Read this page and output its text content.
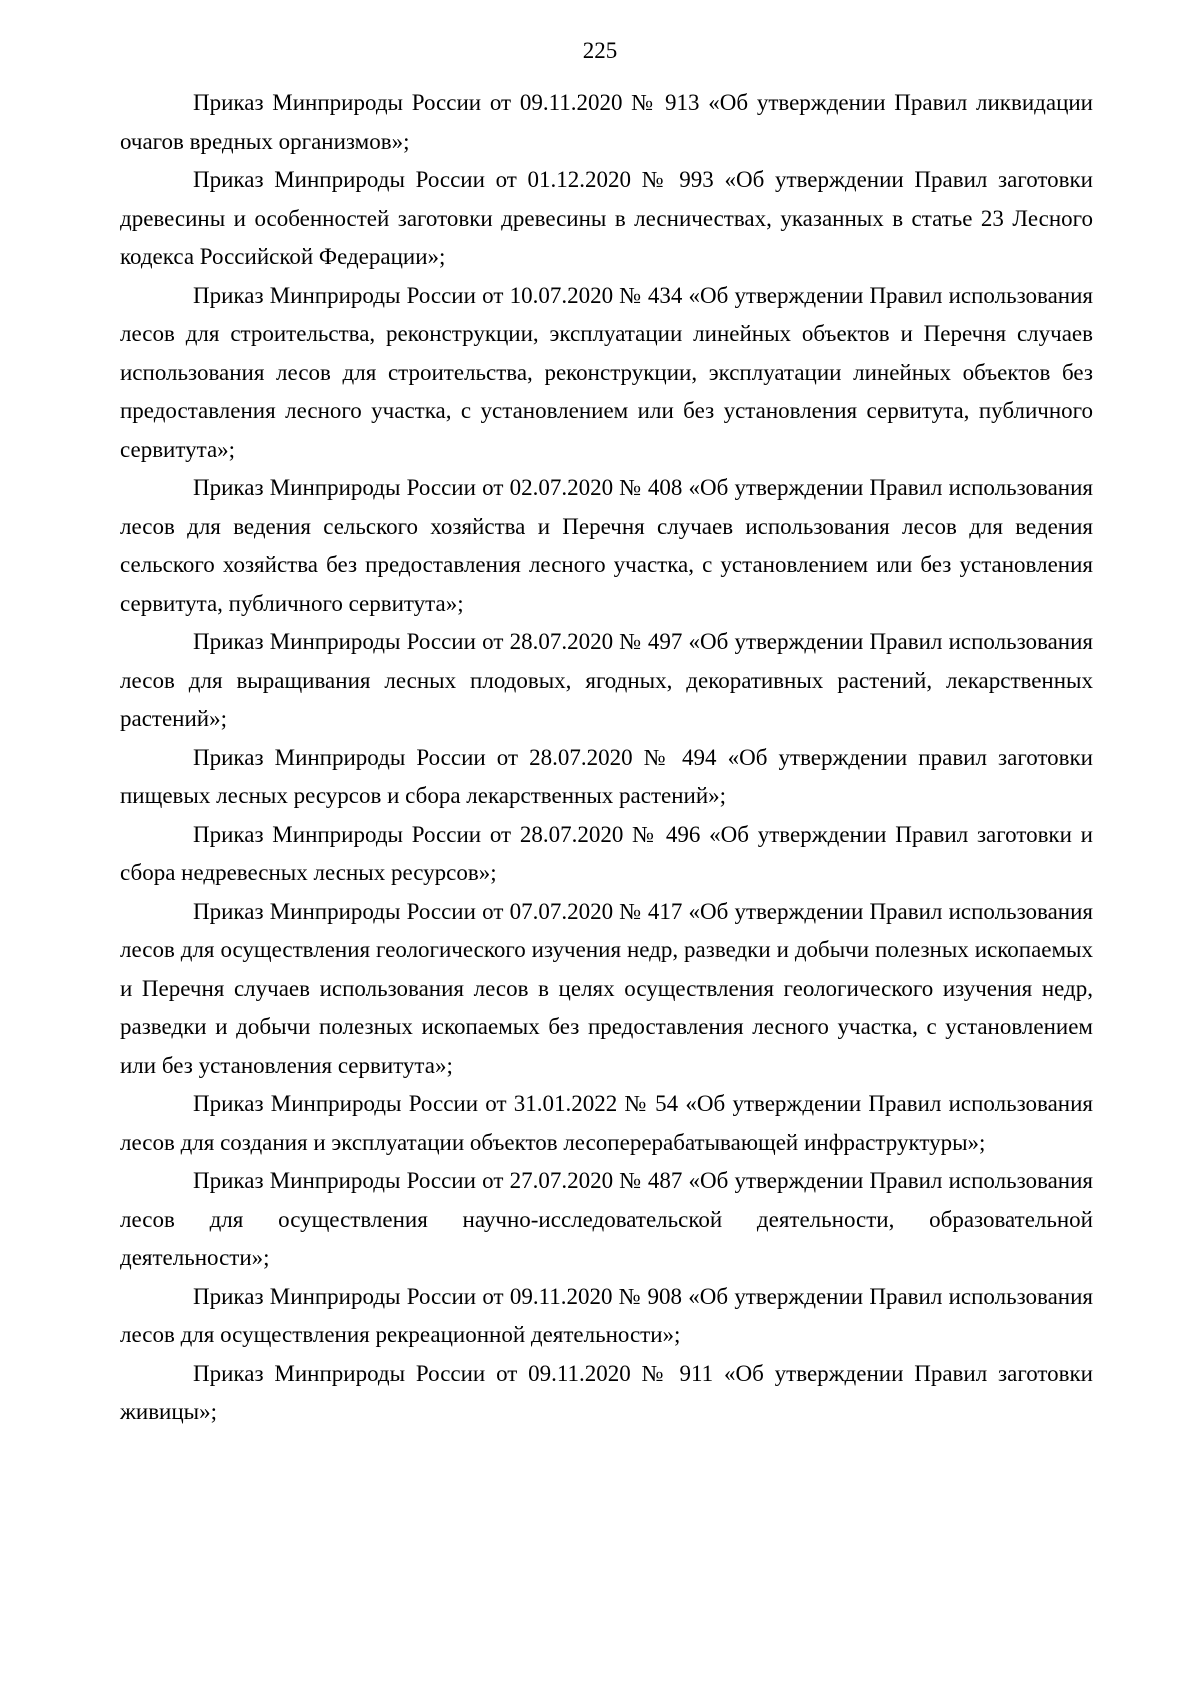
225

Приказ Минприроды России от 09.11.2020 № 913 «Об утверждении Правил ликвидации очагов вредных организмов»;

Приказ Минприроды России от 01.12.2020 № 993 «Об утверждении Правил заготовки древесины и особенностей заготовки древесины в лесничествах, указанных в статье 23 Лесного кодекса Российской Федерации»;

Приказ Минприроды России от 10.07.2020 № 434 «Об утверждении Правил использования лесов для строительства, реконструкции, эксплуатации линейных объектов и Перечня случаев использования лесов для строительства, реконструкции, эксплуатации линейных объектов без предоставления лесного участка, с установлением или без установления сервитута, публичного сервитута»;

Приказ Минприроды России от 02.07.2020 № 408 «Об утверждении Правил использования лесов для ведения сельского хозяйства и Перечня случаев использования лесов для ведения сельского хозяйства без предоставления лесного участка, с установлением или без установления сервитута, публичного сервитута»;

Приказ Минприроды России от 28.07.2020 № 497 «Об утверждении Правил использования лесов для выращивания лесных плодовых, ягодных, декоративных растений, лекарственных растений»;

Приказ Минприроды России от 28.07.2020 № 494 «Об утверждении правил заготовки пищевых лесных ресурсов и сбора лекарственных растений»;

Приказ Минприроды России от 28.07.2020 № 496 «Об утверждении Правил заготовки и сбора недревесных лесных ресурсов»;

Приказ Минприроды России от 07.07.2020 № 417 «Об утверждении Правил использования лесов для осуществления геологического изучения недр, разведки и добычи полезных ископаемых и Перечня случаев использования лесов в целях осуществления геологического изучения недр, разведки и добычи полезных ископаемых без предоставления лесного участка, с установлением или без установления сервитута»;

Приказ Минприроды России от 31.01.2022 № 54 «Об утверждении Правил использования лесов для создания и эксплуатации объектов лесоперерабатывающей инфраструктуры»;

Приказ Минприроды России от 27.07.2020 № 487 «Об утверждении Правил использования лесов для осуществления научно-исследовательской деятельности, образовательной деятельности»;

Приказ Минприроды России от 09.11.2020 № 908 «Об утверждении Правил использования лесов для осуществления рекреационной деятельности»;

Приказ Минприроды России от 09.11.2020 № 911 «Об утверждении Правил заготовки живицы»;
